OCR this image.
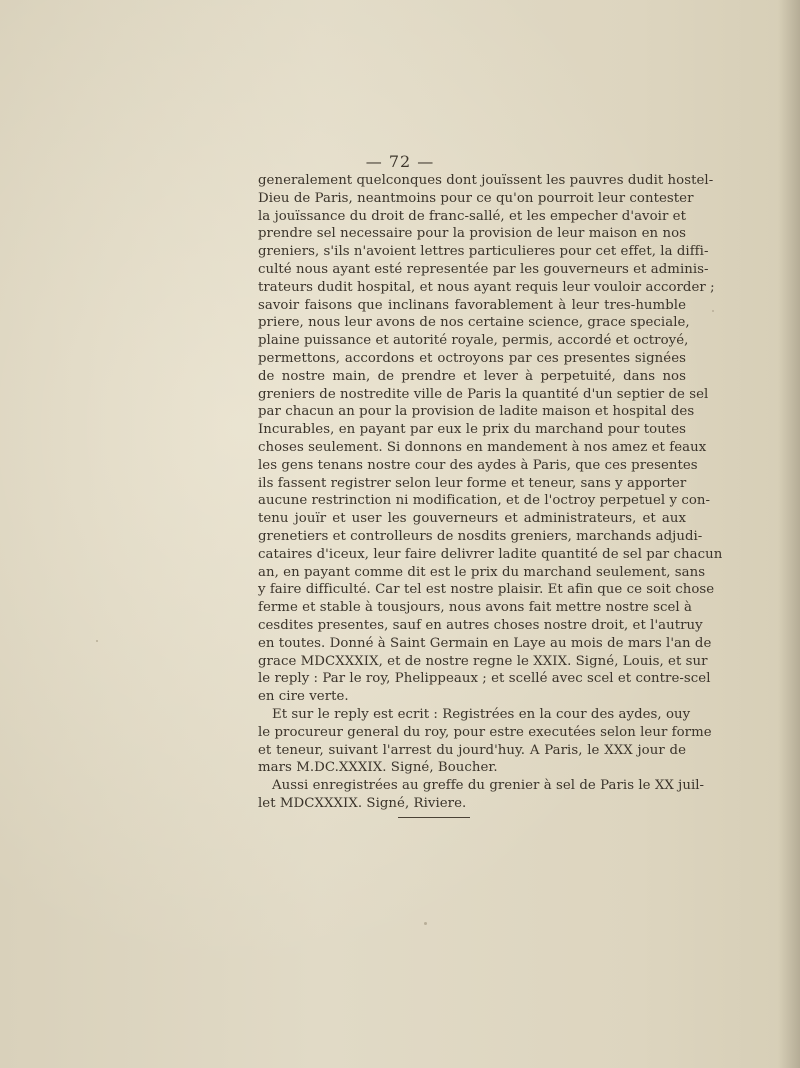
— 72 —
generalement quelconques dont jouïssent les pauvres dudit hostel-
Dieu de Paris, neantmoins pour ce qu'on pourroit leur contester
la jouïssance du droit de franc-sallé, et les empecher d'avoir et
prendre sel necessaire pour la provision de leur maison en nos
greniers, s'ils n'avoient lettres particulieres pour cet effet, la diffi-
culté nous ayant esté representée par les gouverneurs et adminis-
trateurs dudit hospital, et nous ayant requis leur vouloir accorder ;
savoir faisons que inclinans favorablement à leur tres-humble
priere, nous leur avons de nos certaine science, grace speciale,
plaine puissance et autorité royale, permis, accordé et octroyé,
permettons, accordons et octroyons par ces presentes signées
de nostre main, de prendre et lever à perpetuité, dans nos
greniers de nostredite ville de Paris la quantité d'un septier de sel
par chacun an pour la provision de ladite maison et hospital des
Incurables, en payant par eux le prix du marchand pour toutes
choses seulement. Si donnons en mandement à nos amez et feaux
les gens tenans nostre cour des aydes à Paris, que ces presentes
ils fassent registrer selon leur forme et teneur, sans y apporter
aucune restrinction ni modification, et de l'octroy perpetuel y con-
tenu jouïr et user les gouverneurs et administrateurs, et aux
grenetiers et controlleurs de nosdits greniers, marchands adjudi-
cataires d'iceux, leur faire delivrer ladite quantité de sel par chacun
an, en payant comme dit est le prix du marchand seulement, sans
y faire difficulté. Car tel est nostre plaisir. Et afin que ce soit chose
ferme et stable à tousjours, nous avons fait mettre nostre scel à
cesdites presentes, sauf en autres choses nostre droit, et l'autruy
en toutes. Donné à Saint Germain en Laye au mois de mars l'an de
grace MDCXXXIX, et de nostre regne le XXIX. Signé, Louis, et sur
le reply : Par le roy, Phelippeaux ; et scellé avec scel et contre-scel
en cire verte.
Et sur le reply est ecrit : Registrées en la cour des aydes, ouy
le procureur general du roy, pour estre executées selon leur forme
et teneur, suivant l'arrest du jourd'huy. A Paris, le XXX jour de
mars M.DC.XXXIX. Signé, Boucher.
Aussi enregistrées au greffe du grenier à sel de Paris le XX juil-
let MDCXXXIX. Signé, Riviere.
